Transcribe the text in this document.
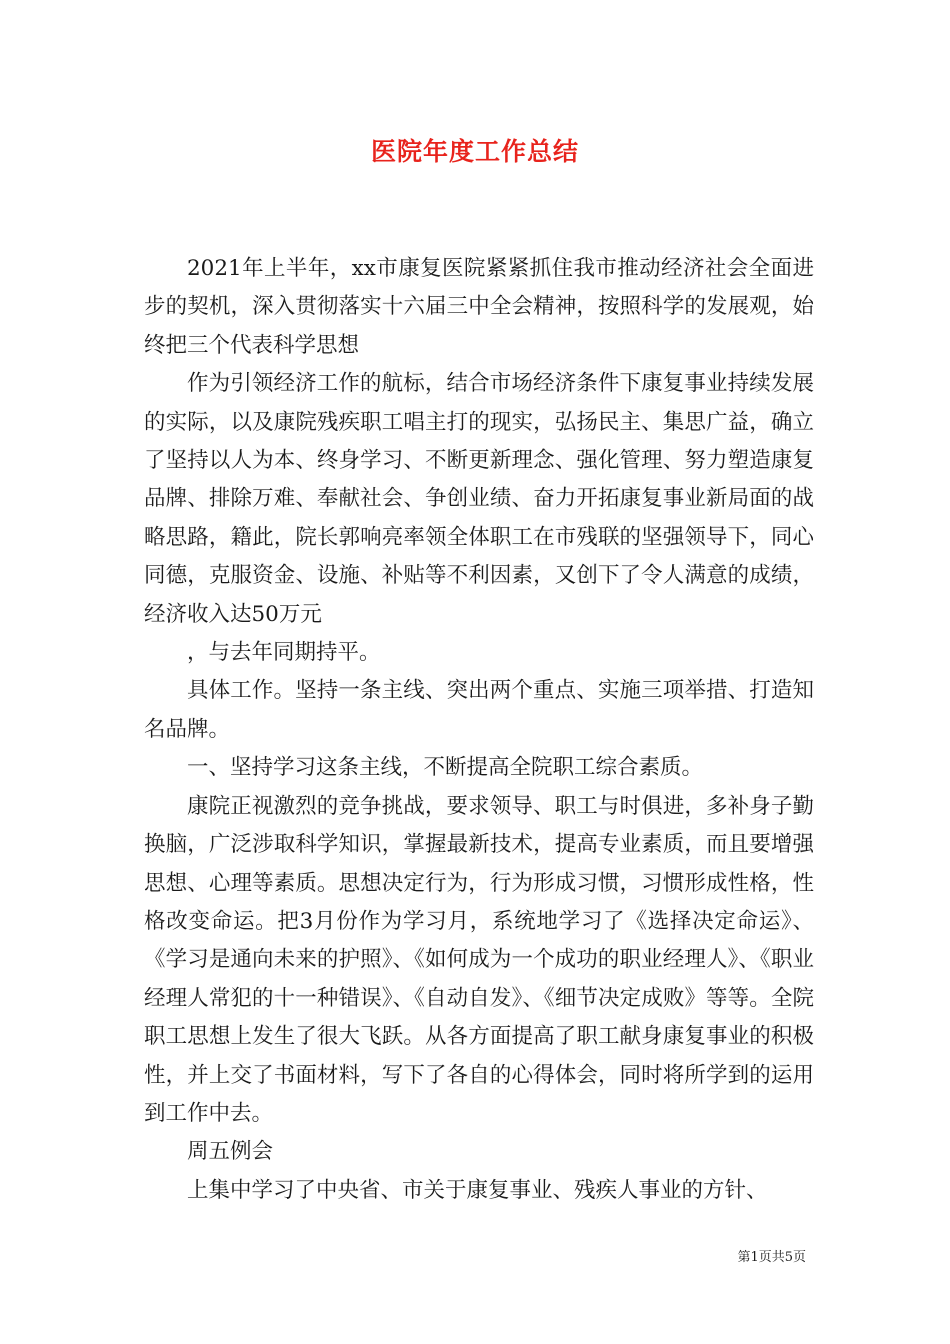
医院年度工作总结

2021年上半年，xx市康复医院紧紧抓住我市推动经济社会全面进步的契机，深入贯彻落实十六届三中全会精神，按照科学的发展观，始终把三个代表科学思想

作为引领经济工作的航标，结合市场经济条件下康复事业持续发展的实际，以及康院残疾职工唱主打的现实，弘扬民主、集思广益，确立了坚持以人为本、终身学习、不断更新理念、强化管理、努力塑造康复品牌、排除万难、奉献社会、争创业绩、奋力开拓康复事业新局面的战略思路，籍此，院长郭响亮率领全体职工在市残联的坚强领导下，同心同德，克服资金、设施、补贴等不利因素，又创下了令人满意的成绩，经济收入达50万元

，与去年同期持平。

具体工作。坚持一条主线、突出两个重点、实施三项举措、打造知名品牌。

一、坚持学习这条主线，不断提高全院职工综合素质。

康院正视激烈的竞争挑战，要求领导、职工与时俱进，多补身子勤换脑，广泛涉取科学知识，掌握最新技术，提高专业素质，而且要增强思想、心理等素质。思想决定行为，行为形成习惯，习惯形成性格，性格改变命运。把3月份作为学习月，系统地学习了《选择决定命运》、《学习是通向未来的护照》、《如何成为一个成功的职业经理人》、《职业经理人常犯的十一种错误》、《自动自发》、《细节决定成败》等等。全院职工思想上发生了很大飞跃。从各方面提高了职工献身康复事业的积极性，并上交了书面材料，写下了各自的心得体会，同时将所学到的运用到工作中去。

周五例会

上集中学习了中央省、市关于康复事业、残疾人事业的方针、

第1页共5页
